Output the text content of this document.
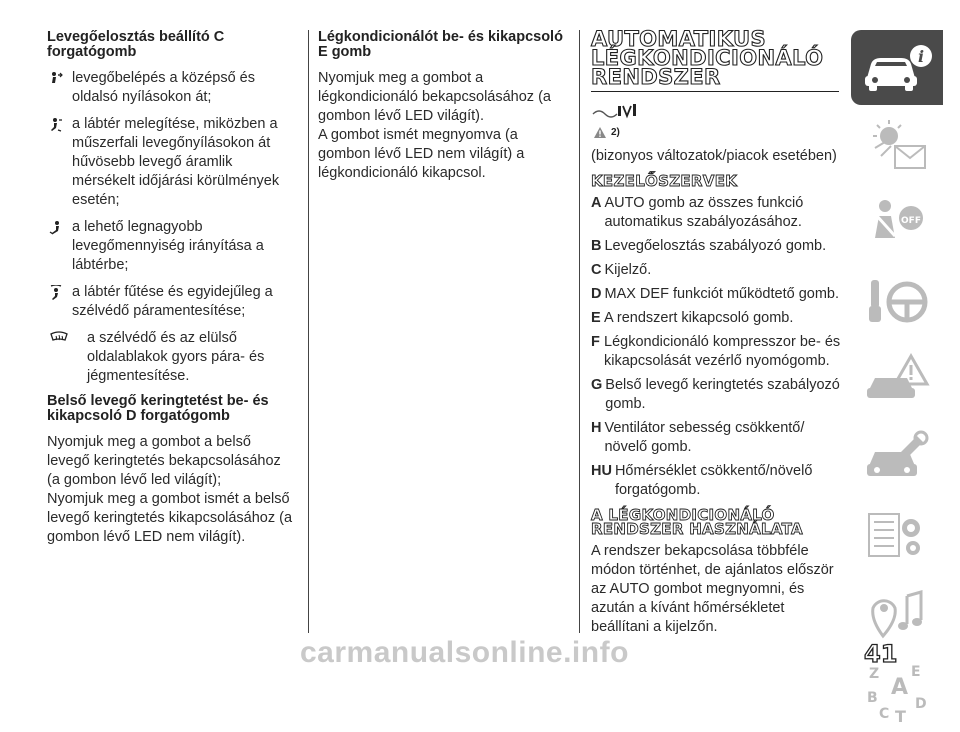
Levegőelosztás beállító C forgatógomb

levegőbelépés a középső és oldalsó nyílásokon át;

a lábtér melegítése, miközben a műszerfali levegőnyílásokon át hűvösebb levegő áramlik mérsékelt időjárási körülmények esetén;

a lehető legnagyobb levegőmennyiség irányítása a lábtérbe;

a lábtér fűtése és egyidejűleg a szélvédő páramentesítése;

a szélvédő és az elülső oldalablakok gyors pára- és jégmentesítése.

Belső levegő keringtetést be- és kikapcsoló D forgatógomb

Nyomjuk meg a gombot a belső levegő keringtetés bekapcsolásához (a gombon lévő led világít);
Nyomjuk meg a gombot ismét a belső levegő keringtetés kikapcsolásához (a gombon lévő LED nem világít).

Légkondicionálót be- és kikapcsoló E gomb

Nyomjuk meg a gombot a légkondicionáló bekapcsolásához (a gombon lévő LED világít).
A gombot ismét megnyomva (a gombon lévő LED nem világít) a légkondicionáló kikapcsol.

AUTOMATIKUS LÉGKONDICIONÁLÓ RENDSZER
2)

(bizonyos változatok/piacok esetében)

KEZELŐSZERVEK
A AUTO gomb az összes funkció automatikus szabályozásához.
B Levegőelosztás szabályozó gomb.
C Kijelző.
D MAX DEF funkciót működtető gomb.
E A rendszert kikapcsoló gomb.
F Légkondicionáló kompresszor be- és kikapcsolását vezérlő nyomógomb.
G Belső levegő keringtetés szabályozó gomb.
H Ventilátor sebesség csökkentő/ növelő gomb.
HU Hőmérséklet csökkentő/növelő forgatógomb.
A LÉGKONDICIONÁLÓ RENDSZER HASZNÁLATA

A rendszer bekapcsolása többféle módon történhet, de ajánlatos először az AUTO gombot megnyomni, és azután a kívánt hőmérsékletet beállítani a kijelzőn.

i
OFF
Z E
A
B
C T
D
carmanualsonline.info	41
